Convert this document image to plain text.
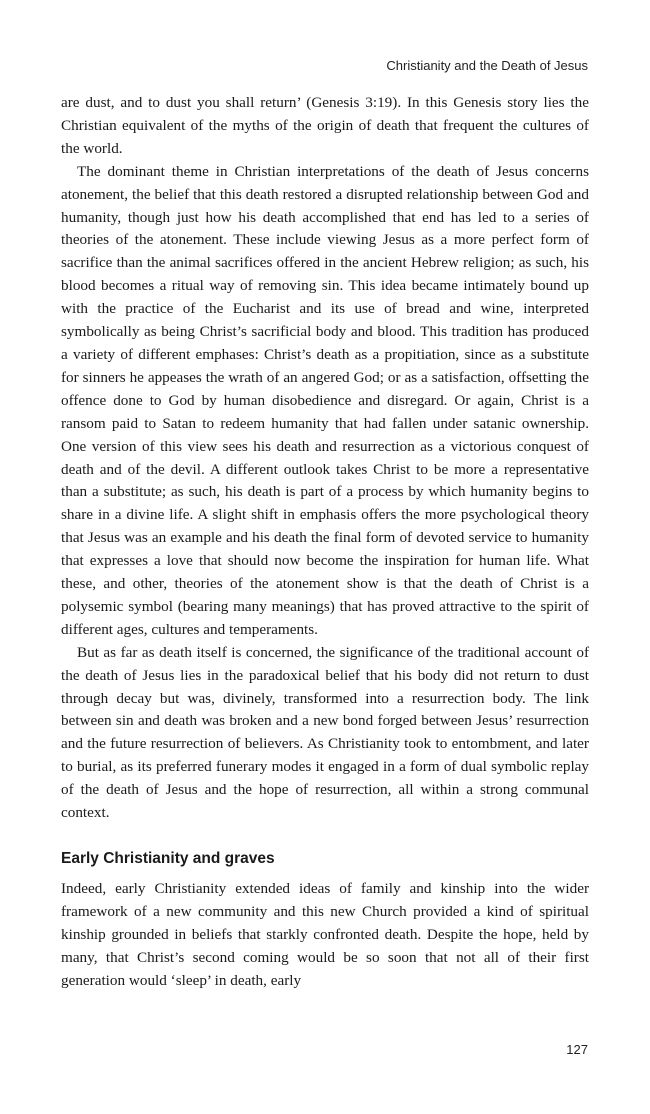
Christianity and the Death of Jesus

are dust, and to dust you shall return’ (Genesis 3:19). In this Genesis story lies the Christian equivalent of the myths of the origin of death that frequent the cultures of the world.

The dominant theme in Christian interpretations of the death of Jesus concerns atonement, the belief that this death restored a disrupted relationship between God and humanity, though just how his death accomplished that end has led to a series of theories of the atonement. These include viewing Jesus as a more perfect form of sacrifice than the animal sacrifices offered in the ancient Hebrew religion; as such, his blood becomes a ritual way of removing sin. This idea became intimately bound up with the practice of the Eucharist and its use of bread and wine, interpreted symbolically as being Christ’s sacrificial body and blood. This tradition has produced a variety of different emphases: Christ’s death as a propitiation, since as a substitute for sinners he appeases the wrath of an angered God; or as a satisfaction, offsetting the offence done to God by human disobedience and disregard. Or again, Christ is a ransom paid to Satan to redeem humanity that had fallen under satanic ownership. One version of this view sees his death and resurrection as a victorious conquest of death and of the devil. A different outlook takes Christ to be more a representative than a substitute; as such, his death is part of a process by which humanity begins to share in a divine life. A slight shift in emphasis offers the more psychological theory that Jesus was an example and his death the final form of devoted service to humanity that expresses a love that should now become the inspiration for human life. What these, and other, theories of the atonement show is that the death of Christ is a polysemic symbol (bearing many meanings) that has proved attractive to the spirit of different ages, cultures and temperaments.

But as far as death itself is concerned, the significance of the traditional account of the death of Jesus lies in the paradoxical belief that his body did not return to dust through decay but was, divinely, transformed into a resurrection body. The link between sin and death was broken and a new bond forged between Jesus’ resurrection and the future resurrection of believers. As Christianity took to entombment, and later to burial, as its preferred funerary modes it engaged in a form of dual symbolic replay of the death of Jesus and the hope of resurrection, all within a strong communal context.

Early Christianity and graves

Indeed, early Christianity extended ideas of family and kinship into the wider framework of a new community and this new Church provided a kind of spiritual kinship grounded in beliefs that starkly confronted death. Despite the hope, held by many, that Christ’s second coming would be so soon that not all of their first generation would ‘sleep’ in death, early

127
